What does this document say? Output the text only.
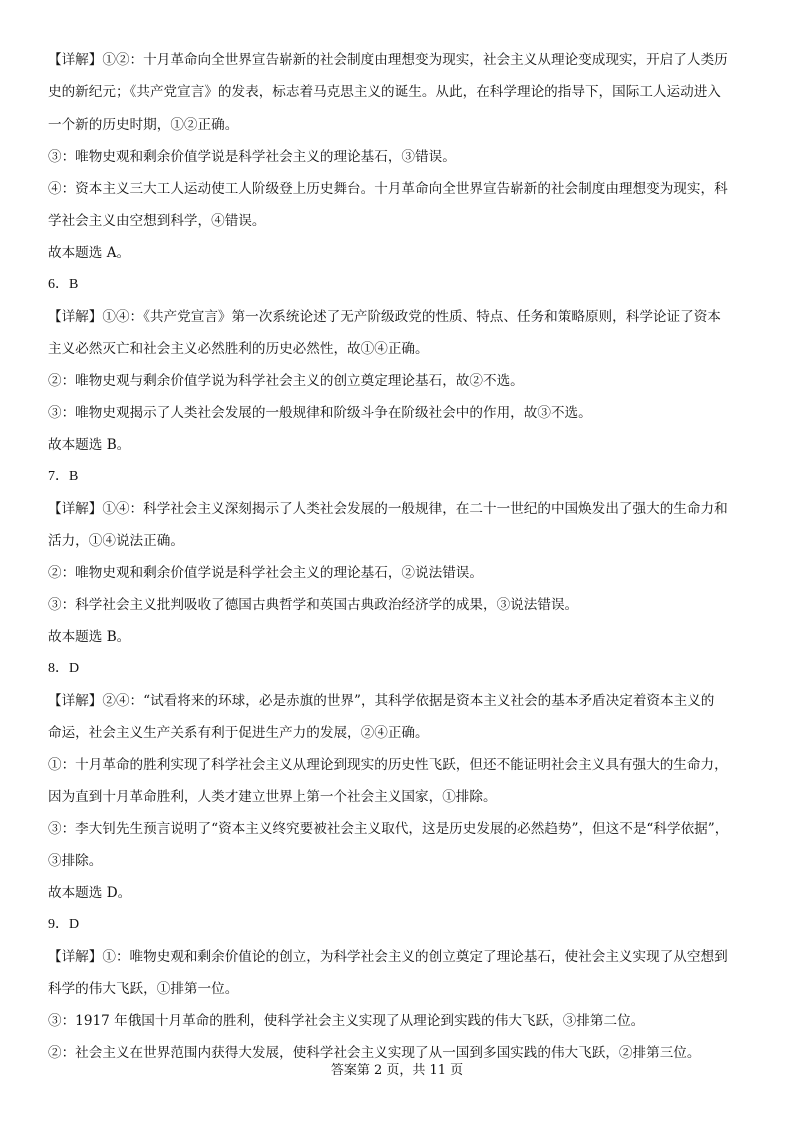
【详解】①②：十月革命向全世界宣告崭新的社会制度由理想变为现实，社会主义从理论变成现实，开启了人类历
史的新纪元；《共产党宣言》的发表，标志着马克思主义的诞生。从此，在科学理论的指导下，国际工人运动进入
一个新的历史时期，①②正确。
③：唯物史观和剩余价值学说是科学社会主义的理论基石，③错误。
④：资本主义三大工人运动使工人阶级登上历史舞台。十月革命向全世界宣告崭新的社会制度由理想变为现实，科
学社会主义由空想到科学，④错误。
故本题选 A。
6．B
【详解】①④：《共产党宣言》第一次系统论述了无产阶级政党的性质、特点、任务和策略原则，科学论证了资本
主义必然灭亡和社会主义必然胜利的历史必然性，故①④正确。
②：唯物史观与剩余价值学说为科学社会主义的创立奠定理论基石，故②不选。
③：唯物史观揭示了人类社会发展的一般规律和阶级斗争在阶级社会中的作用，故③不选。
故本题选 B。
7．B
【详解】①④：科学社会主义深刻揭示了人类社会发展的一般规律，在二十一世纪的中国焕发出了强大的生命力和
活力，①④说法正确。
②：唯物史观和剩余价值学说是科学社会主义的理论基石，②说法错误。
③：科学社会主义批判吸收了德国古典哲学和英国古典政治经济学的成果，③说法错误。
故本题选 B。
8．D
【详解】②④：“试看将来的环球，必是赤旗的世界”，其科学依据是资本主义社会的基本矛盾决定着资本主义的
命运，社会主义生产关系有利于促进生产力的发展，②④正确。
①：十月革命的胜利实现了科学社会主义从理论到现实的历史性飞跃，但还不能证明社会主义具有强大的生命力，
因为直到十月革命胜利，人类才建立世界上第一个社会主义国家，①排除。
③：李大钊先生预言说明了“资本主义终究要被社会主义取代，这是历史发展的必然趋势”，但这不是“科学依据”，
③排除。
故本题选 D。
9．D
【详解】①：唯物史观和剩余价值论的创立，为科学社会主义的创立奠定了理论基石，使社会主义实现了从空想到
科学的伟大飞跃，①排第一位。
③：1917 年俄国十月革命的胜利，使科学社会主义实现了从理论到实践的伟大飞跃，③排第二位。
②：社会主义在世界范围内获得大发展，使科学社会主义实现了从一国到多国实践的伟大飞跃，②排第三位。
答案第 2 页，共 11 页
